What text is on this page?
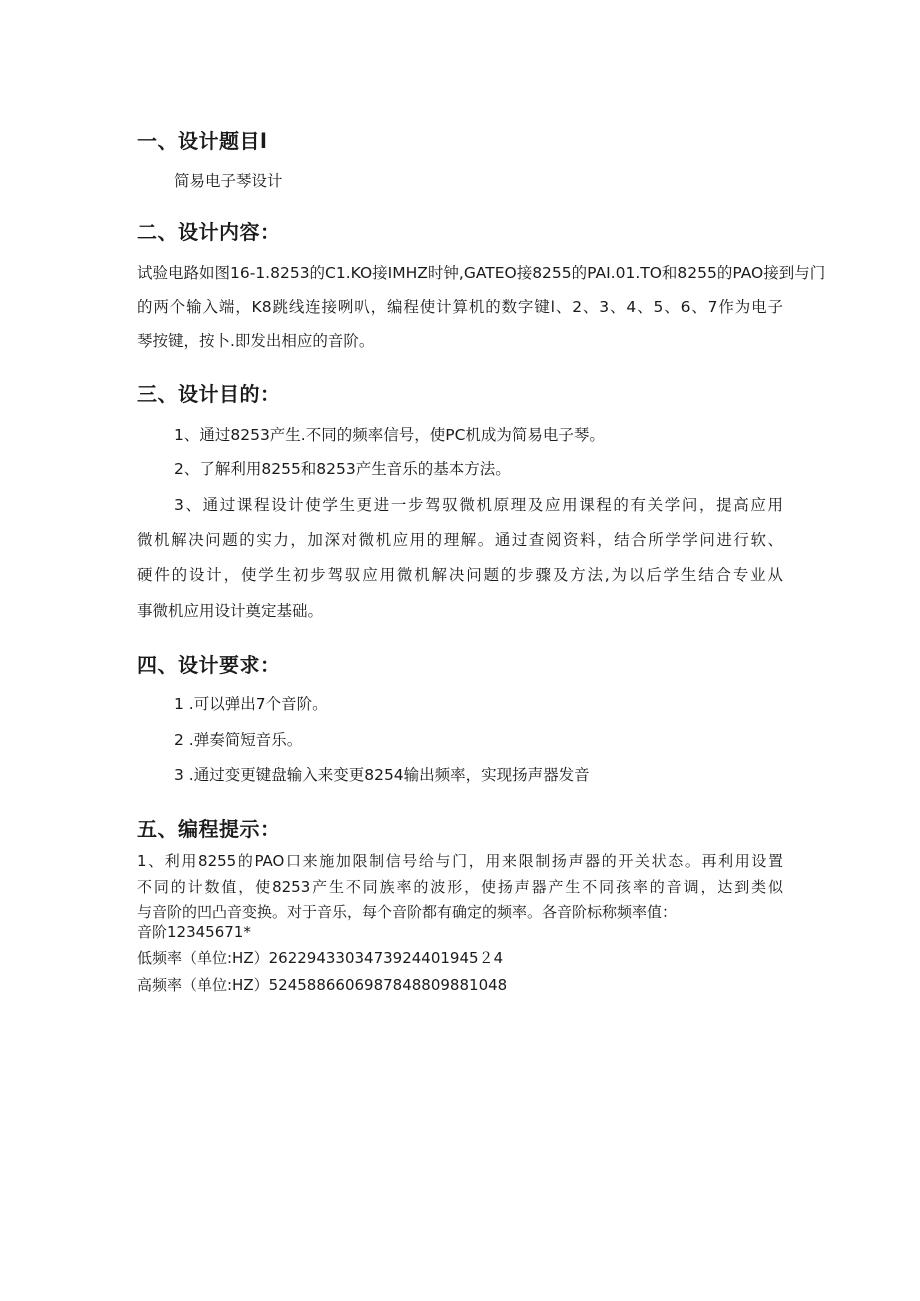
一、设计题目l
简易电子琴设计
二、设计内容：
试验电路如图16-1.8253的C1.KO接IMHZ时钟,GATEO接8255的PAI.01.TO和8255的PAO接到与门
的两个输入端，K8跳线连接咧叭，编程使计算机的数字键l、2、3、4、5、6、7作为电子
琴按键，按卜.即发出相应的音阶。
三、设计目的：
1、通过8253产生.不同的频率信号，使PC机成为简易电子琴。
2、了解利用8255和8253产生音乐的基本方法。
3、通过课程设计使学生更进一步驾驭微机原理及应用课程的有关学问，提高应用
微机解决问题的实力，加深对微机应用的理解。通过查阅资料，结合所学学问进行软、
硬件的设计，使学生初步驾驭应用微机解决问题的步骤及方法,为以后学生结合专业从
事微机应用设计奠定基础。
四、设计要求：
1 .可以弹出7个音阶。
2 .弹奏简短音乐。
3 .通过变更键盘输入来变更8254输出频率，实现扬声器发音
五、编程提示：
1、利用8255的PAO口来施加限制信号给与门，用来限制扬声器的开关状态。再利用设置
不同的计数值，使8253产生不同族率的波形，使扬声器产生不同孩率的音调，达到类似
与音阶的凹凸音变换。对于音乐，每个音阶都有确定的频率。各音阶标称频率值：
音阶12345671*
低频率（单位:HZ）2622943303473924401945２4
高频率（单位:HZ）5245886606987848809881048
